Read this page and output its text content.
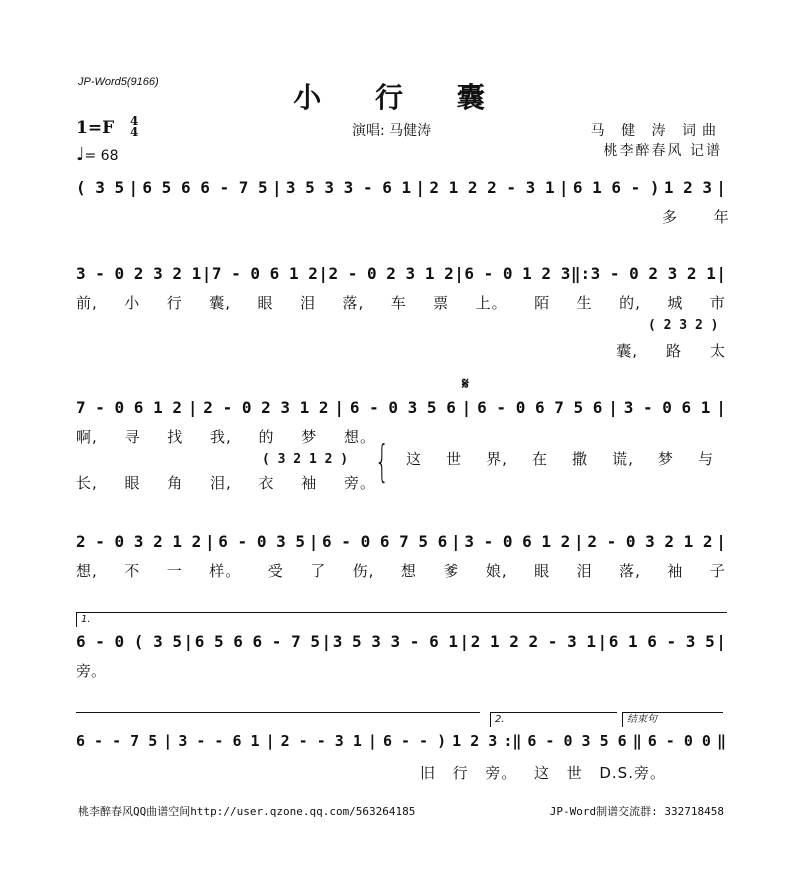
JP-Word5(9166)	小 行 囊
演唱: 马健涛	马 健 涛 词曲
桃李醉春风 记谱
1=F 4
4
♩= 68
( 3 5 | 6 5 6 6 - 7 5 | 3 5 3 3 - 6 1 | 2 1 2 2 - 3 1 | 6 1 6 - ) 1 2 3 |
多 年
3 - 0 2 3 2 1 | 7 - 0 6 1 2 | 2 - 0 2 3 1 2 | 6 - 0 1 2 3 ‖: 3 - 0 2 3 2 1 |
前, 小 行 囊, 眼 泪 落, 车 票 上。 陌 生 的, 城 市
( 2 3 2 )
囊, 路 太
𝄋
7 - 0 6 1 2 | 2 - 0 2 3 1 2 | 6 - 0 3 5 6 | 6 - 0 6 7 5 6 | 3 - 0 6 1 |
啊, 寻 找 我, 的 梦 想。
( 3 2 1 2 )
长, 眼 角 泪, 衣 袖 旁。 { 这 世 界, 在 撒 谎, 梦 与
2 - 0 3 2 1 2 | 6 - 0 3 5 | 6 - 0 6 7 5 6 | 3 - 0 6 1 2 | 2 - 0 3 2 1 2 |
想, 不 一 样。 受 了 伤, 想 爹 娘, 眼 泪 落, 袖 子
1.
6 - 0 ( 3 5 | 6 5 6 6 - 7 5 | 3 5 3 3 - 6 1 | 2 1 2 2 - 3 1 | 6 1 6 - 3 5 |
旁。
2.	结束句
6 - - 7 5 | 3 - - 6 1 | 2 - - 3 1 | 6 - - ) 1 2 3 :‖ 6 - 0 3 5 6 ‖ 6 - 0 0 ‖
旧 行 旁。 这 世 D.S.旁。
桃李醉春风QQ曲谱空间http://user.qzone.qq.com/563264185	JP-Word制谱交流群: 332718458
